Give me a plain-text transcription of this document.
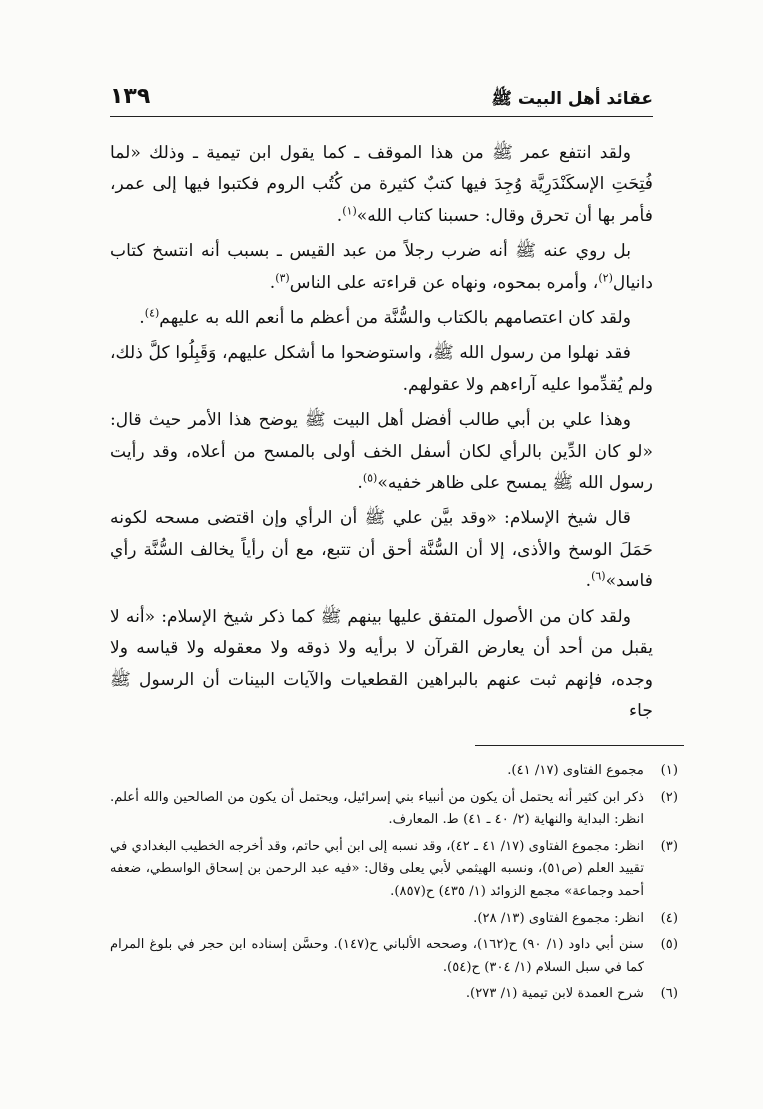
عقائد أهل البيت ﷺ
١٣٩

ولقد انتفع عمر ﷺ من هذا الموقف ـ كما يقول ابن تيمية ـ وذلك «لما فُتِحَتِ الإسكَنْدَرِيَّة وُجِدَ فيها كتبٌ كثيرة من كُتُب الروم فكتبوا فيها إلى عمر، فأمر بها أن تحرق وقال: حسبنا كتاب الله»$^{(١)}$.

بل روي عنه ﷺ أنه ضرب رجلاً من عبد القيس ـ بسبب أنه انتسخ كتاب دانيال$^{(٢)}$، وأمره بمحوه، ونهاه عن قراءته على الناس$^{(٣)}$.

ولقد كان اعتصامهم بالكتاب والسُّنَّة من أعظم ما أنعم الله به عليهم$^{(٤)}$.

فقد نهلوا من رسول الله ﷺ، واستوضحوا ما أشكل عليهم، وَقَبِلُوا كلَّ ذلك، ولم يُقدِّموا عليه آراءهم ولا عقولهم.

وهذا علي بن أبي طالب أفضل أهل البيت ﷺ يوضح هذا الأمر حيث قال: «لو كان الدِّين بالرأي لكان أسفل الخف أولى بالمسح من أعلاه، وقد رأيت رسول الله ﷺ يمسح على ظاهر خفيه»$^{(٥)}$.

قال شيخ الإسلام: «وقد بيَّن علي ﷺ أن الرأي وإن اقتضى مسحه لكونه حَمَلَ الوسخ والأذى، إلا أن السُّنَّة أحق أن تتبع، مع أن رأياً يخالف السُّنَّة رأي فاسد»$^{(٦)}$.

ولقد كان من الأصول المتفق عليها بينهم ﷺ كما ذكر شيخ الإسلام: «أنه لا يقبل من أحد أن يعارض القرآن لا برأيه ولا ذوقه ولا معقوله ولا قياسه ولا وجده، فإنهم ثبت عنهم بالبراهين القطعيات والآيات البينات أن الرسول ﷺ جاء

(١)
مجموع الفتاوى (١٧/ ٤١).
(٢)
ذكر ابن كثير أنه يحتمل أن يكون من أنبياء بني إسرائيل، ويحتمل أن يكون من الصالحين والله أعلم. انظر: البداية والنهاية (٢/ ٤٠ ـ ٤١) ط. المعارف.
(٣)
انظر: مجموع الفتاوى (١٧/ ٤١ ـ ٤٢)، وقد نسبه إلى ابن أبي حاتم، وقد أخرجه الخطيب البغدادي في تقييد العلم (ص٥١)، ونسبه الهيثمي لأبي يعلى وقال: «فيه عبد الرحمن بن إسحاق الواسطي، ضعفه أحمد وجماعة» مجمع الزوائد (١/ ٤٣٥) ح(٨٥٧).
(٤)
انظر: مجموع الفتاوى (١٣/ ٢٨).
(٥)
سنن أبي داود (١/ ٩٠) ح(١٦٢)، وصححه الألباني ح(١٤٧). وحسَّن إسناده ابن حجر في بلوغ المرام كما في سبل السلام (١/ ٣٠٤) ح(٥٤).
(٦)
شرح العمدة لابن تيمية (١/ ٢٧٣).
